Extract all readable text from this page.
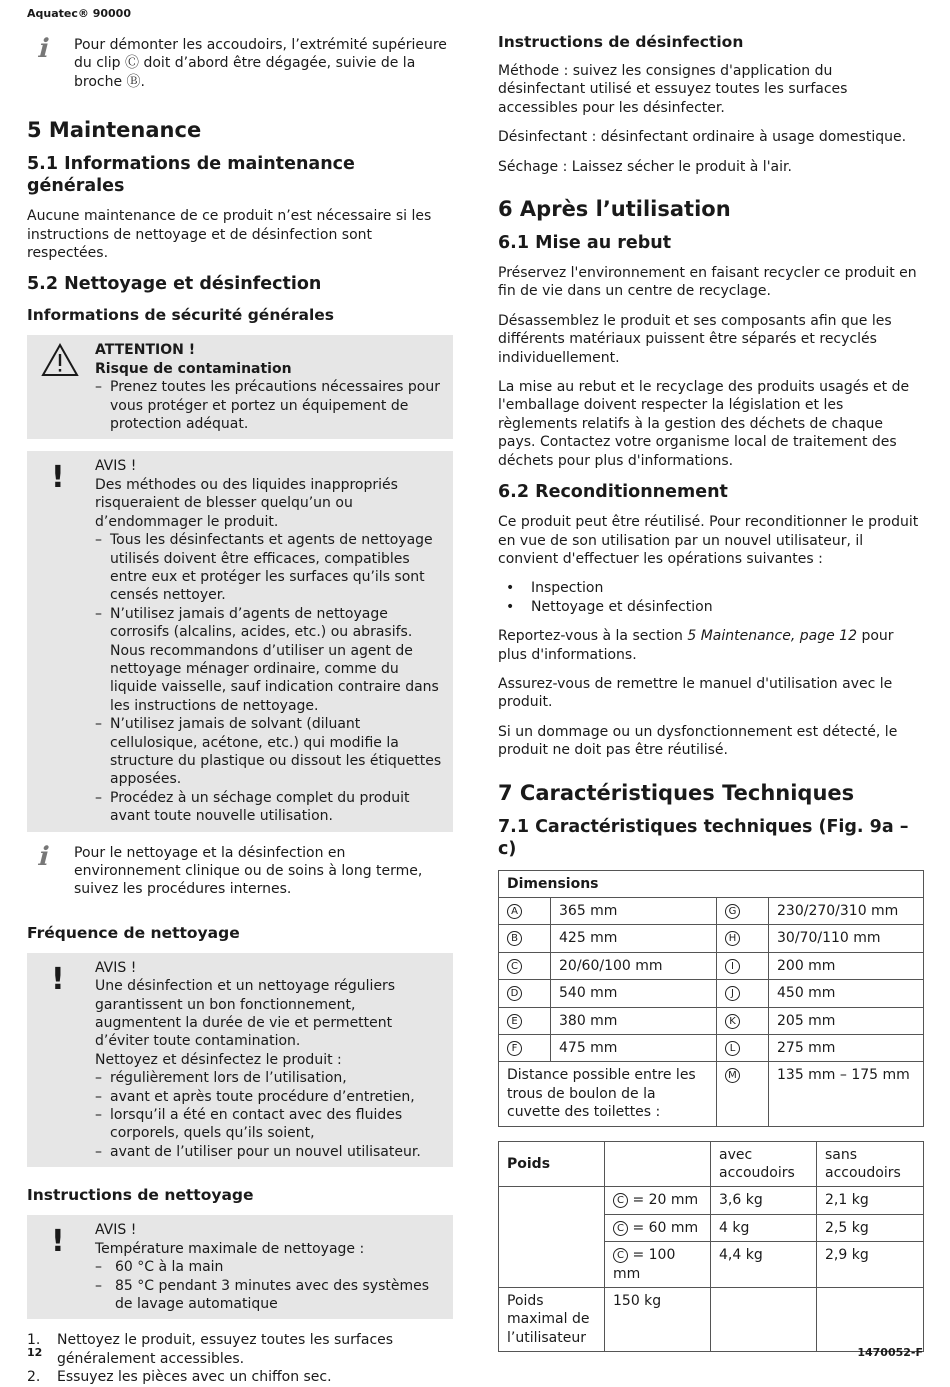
Aquatec® 90000
ℹ	Pour démonter les accoudoirs, l’extrémité supérieure du clip Ⓒ doit d’abord être dégagée, suivie de la broche Ⓑ.
5 Maintenance
5.1 Informations de maintenance générales

Aucune maintenance de ce produit n’est nécessaire si les instructions de nettoyage et de désinfection sont respectées.

5.2 Nettoyage et désinfection
Informations de sécurité générales
ATTENTION !
Risque de contamination
– Prenez toutes les précautions nécessaires pour vous protéger et portez un équipement de protection adéquat.
!	AVIS !
Des méthodes ou des liquides inappropriés risqueraient de blesser quelqu’un ou d’endommager le produit.
– Tous les désinfectants et agents de nettoyage utilisés doivent être efficaces, compatibles entre eux et protéger les surfaces qu’ils sont censés nettoyer.
– N’utilisez jamais d’agents de nettoyage corrosifs (alcalins, acides, etc.) ou abrasifs. Nous recommandons d’utiliser un agent de nettoyage ménager ordinaire, comme du liquide vaisselle, sauf indication contraire dans les instructions de nettoyage.
– N’utilisez jamais de solvant (diluant cellulosique, acétone, etc.) qui modifie la structure du plastique ou dissout les étiquettes apposées.
– Procédez à un séchage complet du produit avant toute nouvelle utilisation.
ℹ	Pour le nettoyage et la désinfection en environnement clinique ou de soins à long terme, suivez les procédures internes.
Fréquence de nettoyage
!	AVIS !
Une désinfection et un nettoyage réguliers garantissent un bon fonctionnement, augmentent la durée de vie et permettent d’éviter toute contamination.
Nettoyez et désinfectez le produit :
– régulièrement lors de l’utilisation,
– avant et après toute procédure d’entretien,
– lorsqu’il a été en contact avec des fluides corporels, quels qu’ils soient,
– avant de l’utiliser pour un nouvel utilisateur.
Instructions de nettoyage
!	AVIS !
Température maximale de nettoyage :
– 60 °C à la main
– 85 °C pendant 3 minutes avec des systèmes de lavage automatique
1.	Nettoyez le produit, essuyez toutes les surfaces généralement accessibles.
2.	Essuyez les pièces avec un chiffon sec.
Instructions de désinfection

Méthode : suivez les consignes d'application du désinfectant utilisé et essuyez toutes les surfaces accessibles pour les désinfecter.

Désinfectant : désinfectant ordinaire à usage domestique.

Séchage : Laissez sécher le produit à l'air.

6 Après l’utilisation
6.1 Mise au rebut

Préservez l'environnement en faisant recycler ce produit en fin de vie dans un centre de recyclage.

Désassemblez le produit et ses composants afin que les différents matériaux puissent être séparés et recyclés individuellement.

La mise au rebut et le recyclage des produits usagés et de l'emballage doivent respecter la législation et les règlements relatifs à la gestion des déchets de chaque pays. Contactez votre organisme local de traitement des déchets pour plus d'informations.

6.2 Reconditionnement

Ce produit peut être réutilisé. Pour reconditionner le produit en vue de son utilisation par un nouvel utilisateur, il convient d'effectuer les opérations suivantes :

•	Inspection
•	Nettoyage et désinfection

Reportez-vous à la section 5 Maintenance, page 12 pour plus d'informations.

Assurez-vous de remettre le manuel d'utilisation avec le produit.

Si un dommage ou un dysfonctionnement est détecté, le produit ne doit pas être réutilisé.

7 Caractéristiques Techniques
7.1 Caractéristiques techniques (Fig. 9a – c)
Dimensions			
A	365 mm	G	230/270/310 mm
B	425 mm	H	30/70/110 mm
C	20/60/100 mm	I	200 mm
D	540 mm	J	450 mm
E	380 mm	K	205 mm
F	475 mm	L	275 mm
Distance possible entre les trous de boulon de la cuvette des toilettes :		M	135 mm – 175 mm
Poids		avec accoudoirs	sans accoudoirs
	C = 20 mm	3,6 kg	2,1 kg
	C = 60 mm	4 kg	2,5 kg
	C = 100 mm	4,4 kg	2,9 kg
Poids maximal de l’utilisateur	150 kg		
12	1470052-F
